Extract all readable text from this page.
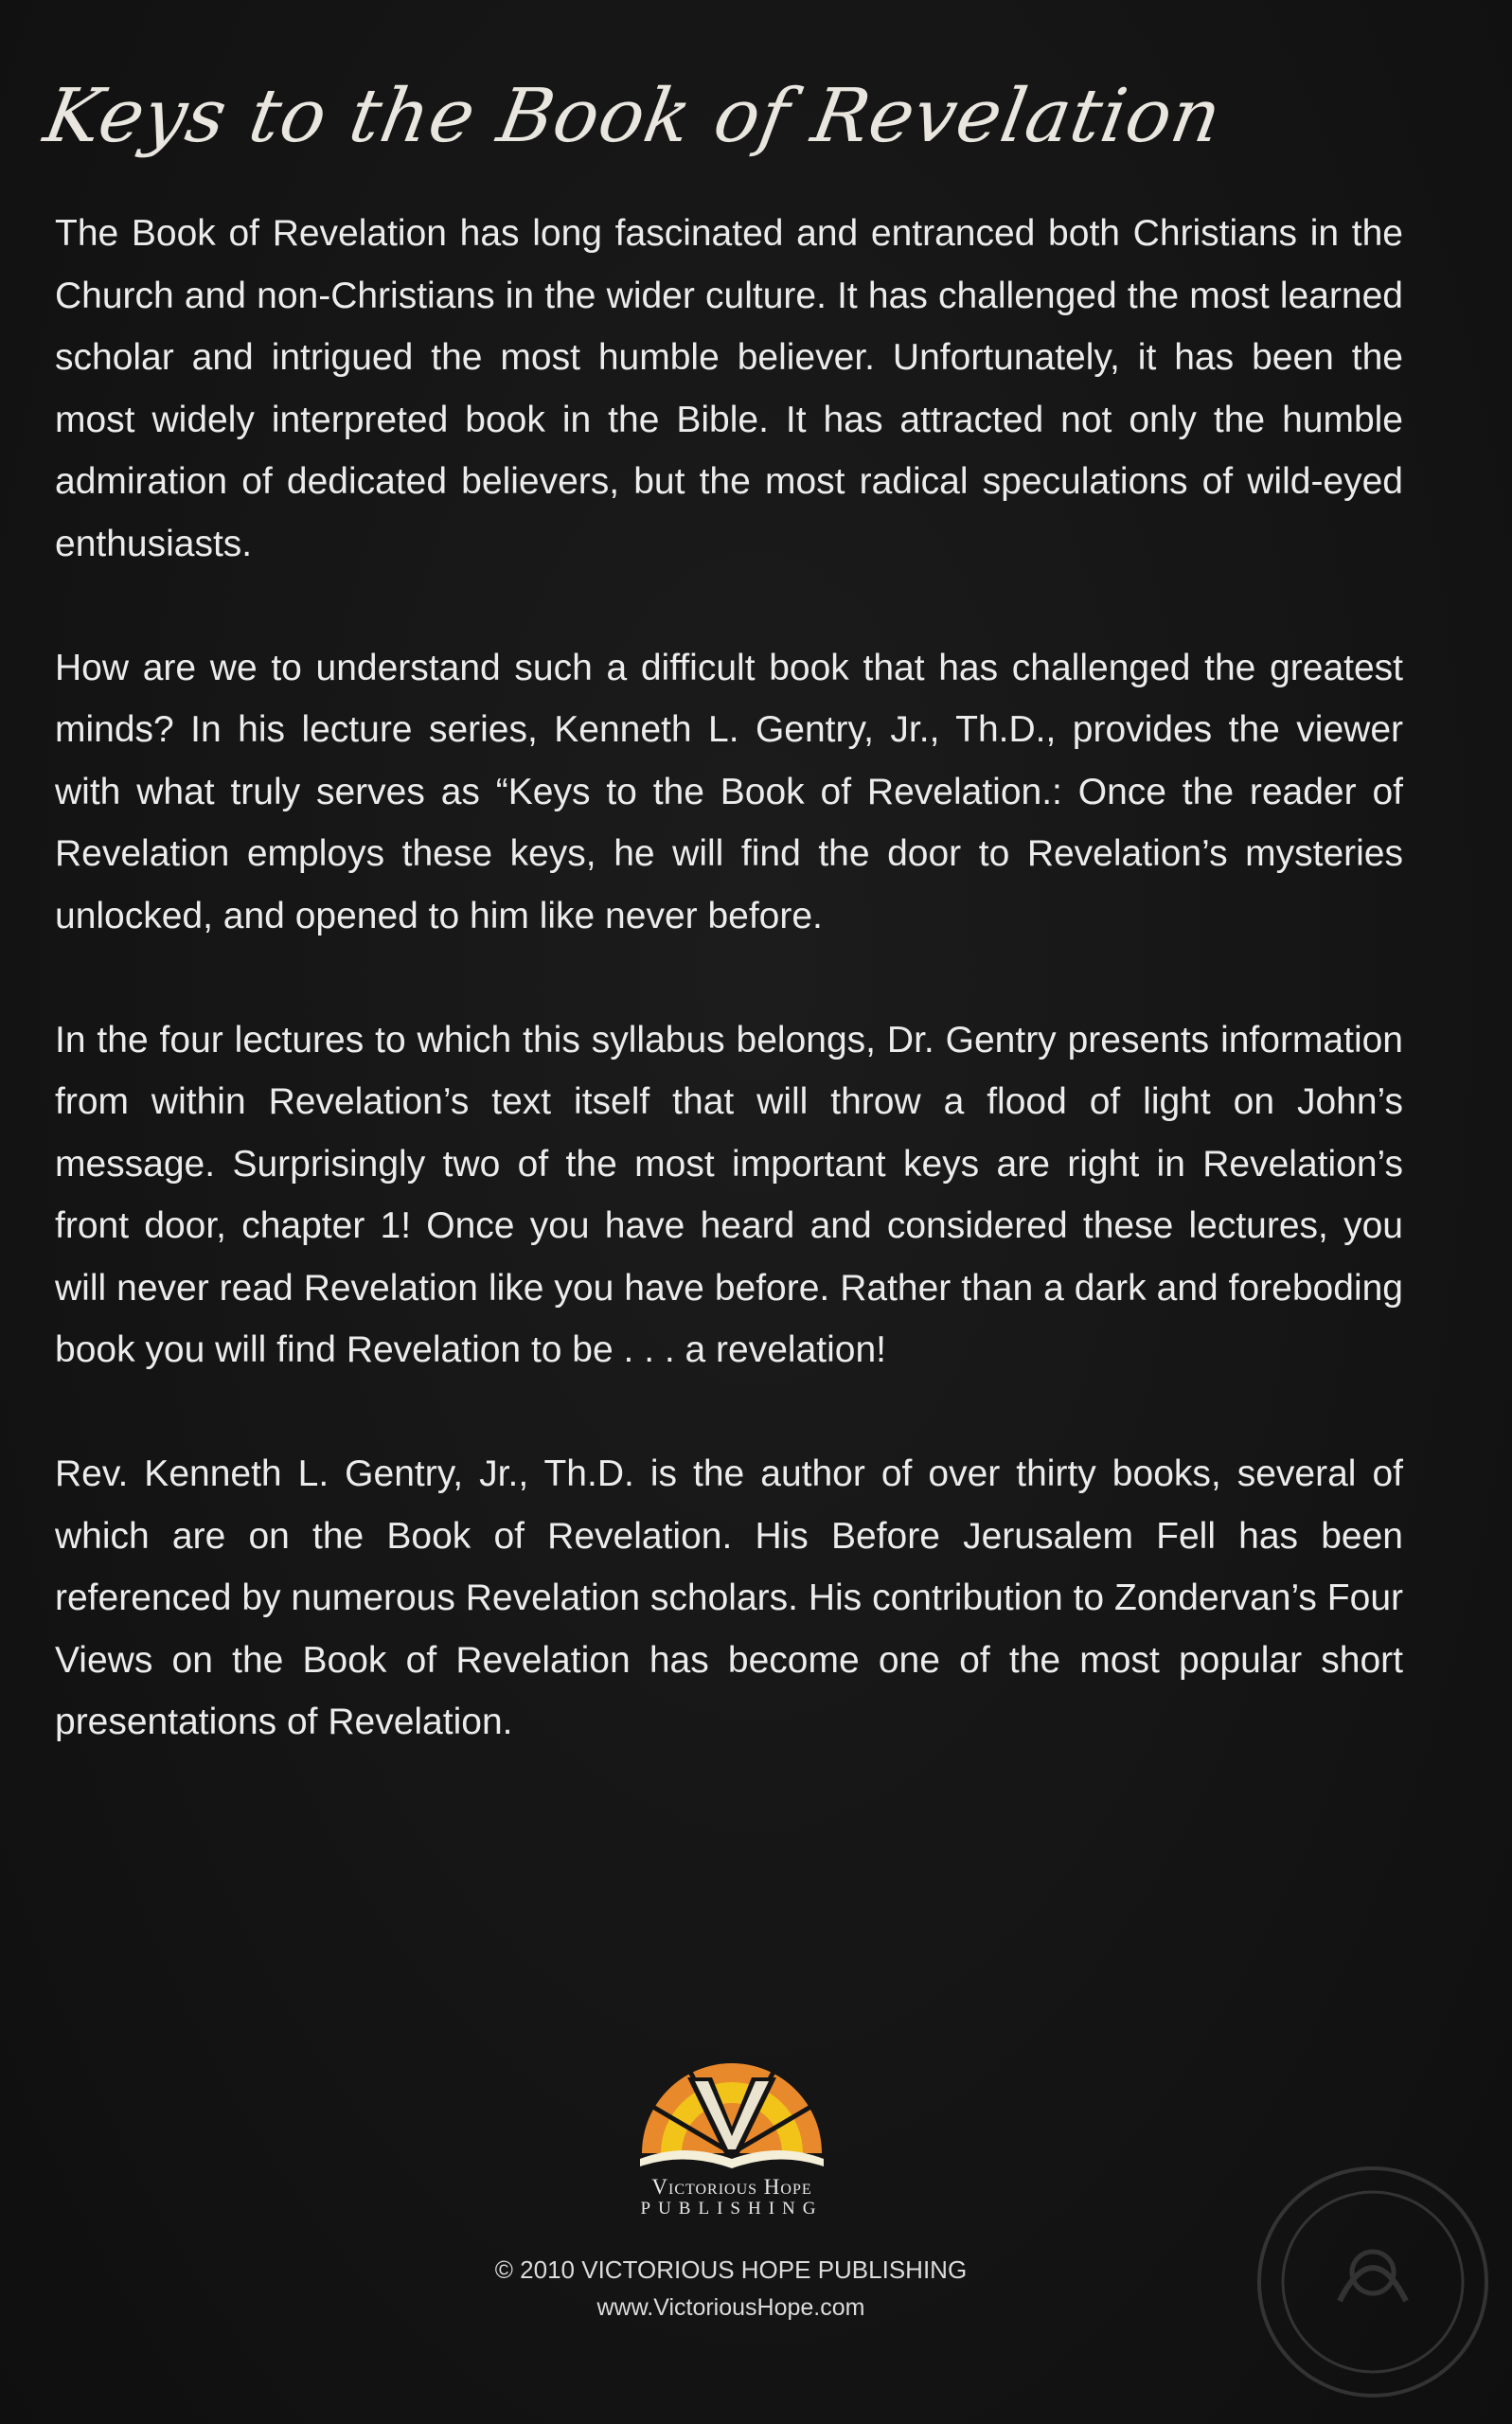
Keys to the Book of Revelation

The Book of Revelation has long fascinated and entranced both Christians in the Church and non-Christians in the wider culture. It has challenged the most learned scholar and intrigued the most humble believer. Unfortunately, it has been the most widely interpreted book in the Bible. It has attracted not only the humble admiration of dedicated believers, but the most radical speculations of wild-eyed enthusiasts.

How are we to understand such a difficult book that has challenged the greatest minds? In his lecture series, Kenneth L. Gentry, Jr., Th.D., provides the viewer with what truly serves as “Keys to the Book of Revelation.: Once the reader of Revelation employs these keys, he will find the door to Revelation’s mysteries unlocked, and opened to him like never before.

In the four lectures to which this syllabus belongs, Dr. Gentry presents information from within Revelation’s text itself that will throw a flood of light on John’s message. Surprisingly two of the most important keys are right in Revelation’s front door, chapter 1! Once you have heard and considered these lectures, you will never read Revelation like you have before. Rather than a dark and foreboding book you will find Revelation to be . . . a revelation!

Rev. Kenneth L. Gentry, Jr., Th.D. is the author of over thirty books, several of which are on the Book of Revelation. His Before Jerusalem Fell has been referenced by numerous Revelation scholars. His contribution to Zondervan’s Four Views on the Book of Revelation has become one of the most popular short presentations of Revelation.

Victorious Hope
PUBLISHING
© 2010 VICTORIOUS HOPE PUBLISHING
www.VictoriousHope.com
